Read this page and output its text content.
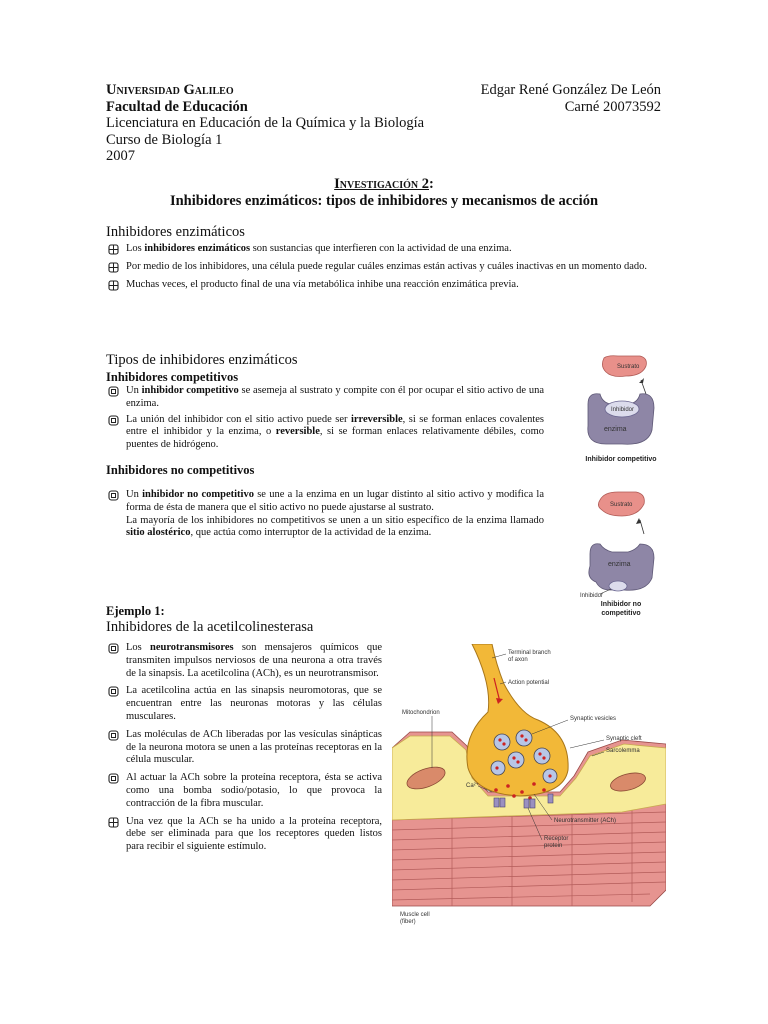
Universidad Galileo
Facultad de Educación
Licenciatura en Educación de la Química y la Biología
Curso de Biología 1
2007
Edgar René González De León
Carné 20073592
Investigación 2:
Inhibidores enzimáticos: tipos de inhibidores y mecanismos de acción
Inhibidores enzimáticos
Los inhibidores enzimáticos son sustancias que interfieren con la actividad de una enzima.
Por medio de los inhibidores, una célula puede regular cuáles enzimas están activas y cuáles inactivas en un momento dado.
Muchas veces, el producto final de una vía metabólica inhibe una reacción enzimática previa.
Tipos de inhibidores enzimáticos
Inhibidores competitivos
Un inhibidor competitivo se asemeja al sustrato y compite con él por ocupar el sitio activo de una enzima.
La unión del inhibidor con el sitio activo puede ser irreversible, si se forman enlaces covalentes entre el inhibidor y la enzima, o reversible, si se forman enlaces relativamente débiles, como puentes de hidrógeno.
Inhibidores no competitivos
Un inhibidor no competitivo se une a la enzima en un lugar distinto al sitio activo y modifica la forma de ésta de manera que el sitio activo no puede ajustarse al sustrato.
La mayoría de los inhibidores no competitivos se unen a un sitio específico de la enzima llamado sitio alostérico, que actúa como interruptor de la actividad de la enzima.
Sustrato
Inhibidor
enzima
Inhibidor competitivo
Sustrato
enzima
Inhibidor
Inhibidor no
competitivo
Ejemplo 1:
Inhibidores de la acetilcolinesterasa
Los neurotransmisores son mensajeros químicos que transmiten impulsos nerviosos de una neurona a otra través de la sinapsis. La acetilcolina (ACh), es un neurotransmisor.
La acetilcolina actúa en las sinapsis neuromotoras, que se encuentran entre las neuronas motoras y las células musculares.
Las moléculas de ACh liberadas por las vesículas sinápticas de la neurona motora se unen a las proteínas receptoras en la célula muscular.
Al actuar la ACh sobre la proteína receptora, ésta se activa como una bomba sodio/potasio, lo que provoca la contracción de la fibra muscular.
Una vez que la ACh se ha unido a la proteína receptora, debe ser eliminada para que los receptores queden listos para recibir el siguiente estímulo.
Terminal branch
of axon
Action potential
Mitochondrion
Synaptic vesicles
Synaptic cleft
Sarcolemma
Ca²⁺
Neurotransmitter (ACh)
Receptor
protein
Muscle cell
(fiber)
